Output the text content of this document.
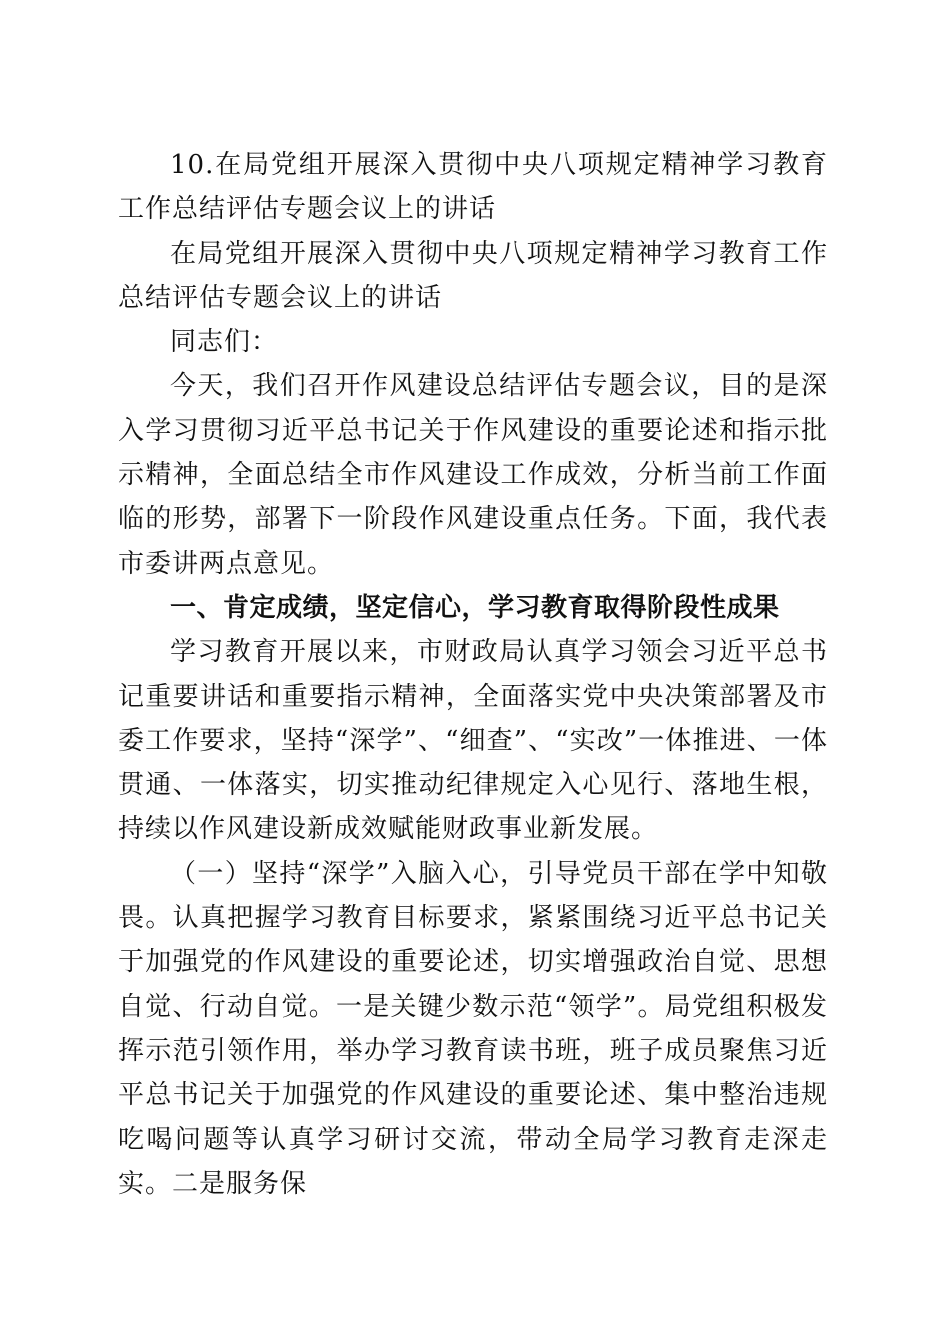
10.在局党组开展深入贯彻中央八项规定精神学习教育工作总结评估专题会议上的讲话

在局党组开展深入贯彻中央八项规定精神学习教育工作总结评估专题会议上的讲话

同志们：

今天，我们召开作风建设总结评估专题会议，目的是深入学习贯彻习近平总书记关于作风建设的重要论述和指示批示精神，全面总结全市作风建设工作成效，分析当前工作面临的形势，部署下一阶段作风建设重点任务。下面，我代表市委讲两点意见。

一、肯定成绩，坚定信心，学习教育取得阶段性成果

学习教育开展以来，市财政局认真学习领会习近平总书记重要讲话和重要指示精神，全面落实党中央决策部署及市委工作要求，坚持“深学”、“细查”、“实改”一体推进、一体贯通、一体落实，切实推动纪律规定入心见行、落地生根，持续以作风建设新成效赋能财政事业新发展。

（一）坚持“深学”入脑入心，引导党员干部在学中知敬畏。认真把握学习教育目标要求，紧紧围绕习近平总书记关于加强党的作风建设的重要论述，切实增强政治自觉、思想自觉、行动自觉。一是关键少数示范“领学”。局党组积极发挥示范引领作用，举办学习教育读书班，班子成员聚焦习近平总书记关于加强党的作风建设的重要论述、集中整治违规吃喝问题等认真学习研讨交流，带动全局学习教育走深走实。二是服务保
